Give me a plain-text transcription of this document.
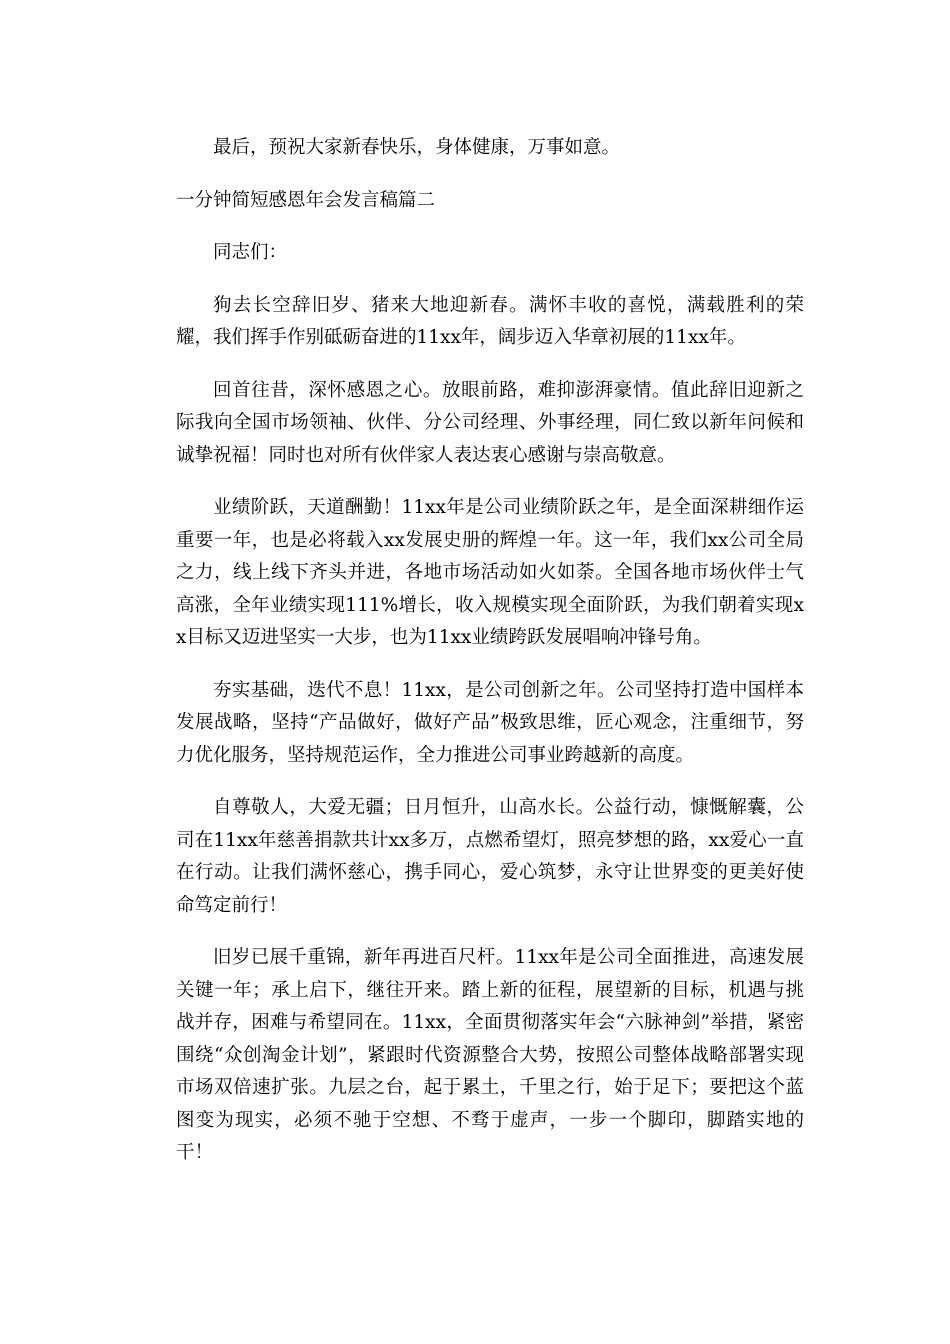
最后，预祝大家新春快乐，身体健康，万事如意。

一分钟简短感恩年会发言稿篇二

同志们：

狗去长空辞旧岁、猪来大地迎新春。满怀丰收的喜悦，满载胜利的荣耀，我们挥手作别砥砺奋进的11xx年，阔步迈入华章初展的11xx年。

回首往昔，深怀感恩之心。放眼前路，难抑澎湃豪情。值此辞旧迎新之际我向全国市场领袖、伙伴、分公司经理、外事经理，同仁致以新年问候和诚挚祝福！同时也对所有伙伴家人表达衷心感谢与崇高敬意。

业绩阶跃，天道酬勤！11xx年是公司业绩阶跃之年，是全面深耕细作运重要一年，也是必将载入xx发展史册的辉煌一年。这一年，我们xx公司全局之力，线上线下齐头并进，各地市场活动如火如荼。全国各地市场伙伴士气高涨，全年业绩实现111%增长，收入规模实现全面阶跃，为我们朝着实现xx目标又迈进坚实一大步，也为11xx业绩跨跃发展唱响冲锋号角。

夯实基础，迭代不息！11xx，是公司创新之年。公司坚持打造中国样本发展战略，坚持“产品做好，做好产品”极致思维，匠心观念，注重细节，努力优化服务，坚持规范运作，全力推进公司事业跨越新的高度。

自尊敬人，大爱无疆；日月恒升，山高水长。公益行动，慷慨解囊，公司在11xx年慈善捐款共计xx多万，点燃希望灯，照亮梦想的路，xx爱心一直在行动。让我们满怀慈心，携手同心，爱心筑梦，永守让世界变的更美好使命笃定前行！

旧岁已展千重锦，新年再进百尺杆。11xx年是公司全面推进，高速发展关键一年；承上启下，继往开来。踏上新的征程，展望新的目标，机遇与挑战并存，困难与希望同在。11xx，全面贯彻落实年会“六脉神剑”举措，紧密围绕“众创淘金计划”，紧跟时代资源整合大势，按照公司整体战略部署实现市场双倍速扩张。九层之台，起于累土，千里之行，始于足下；要把这个蓝图变为现实，必须不驰于空想、不骛于虚声，一步一个脚印，脚踏实地的干！
